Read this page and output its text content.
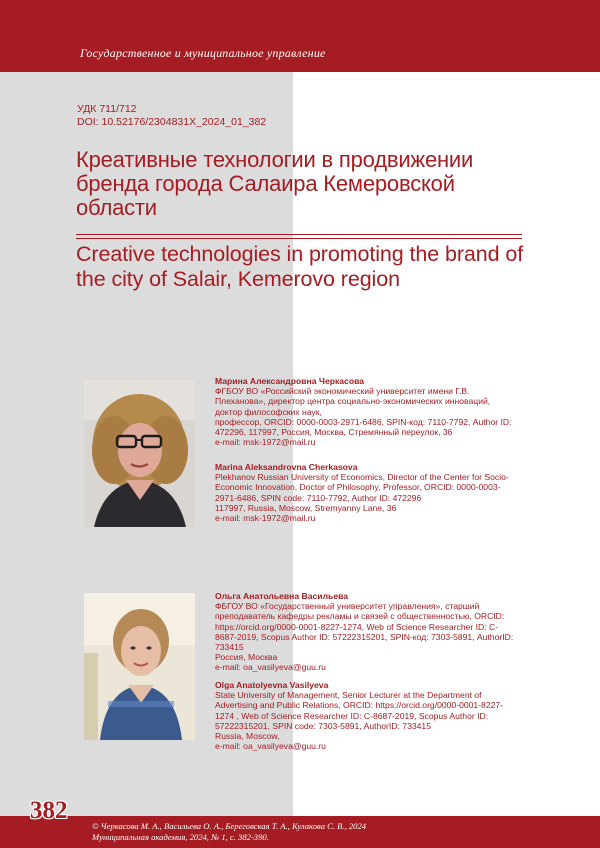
Государственное и муниципальное управление
УДК 711/712
DOI: 10.52176/2304831X_2024_01_382
Креативные технологии в продвижении бренда города Салаира Кемеровской области
Creative technologies in promoting the brand of the city of Salair, Kemerovo region
Марина Александровна Черкасова
ФГБОУ ВО «Российский экономический университет имени Г.В. Плеханова», директор центра социально-экономических инноваций, доктор философских наук,
профессор, ORCID: 0000-0003-2971-6486, SPIN-код: 7110-7792, Author ID: 472296, 117997, Россия, Москва, Стремянный переулок, 36
e-mail: msk-1972@mail.ru
Marina Aleksandrovna Cherkasova
Plekhanov Russian University of Economics, Director of the Center for Socio-Economic Innovation, Doctor of Philosophy, Professor, ORCID: 0000-0003-2971-6486, SPIN code: 7110-7792, Author ID: 472296
117997, Russia, Moscow, Stremyanny Lane, 36
e-mail: msk-1972@mail.ru
Ольга Анатольевна Васильева
ФБГОУ ВО «Государственный университет управления», старший преподаватель кафедры рекламы и связей с общественностью, ORCID: https://orcid.org/0000-0001-8227-1274, Web of Science Researcher ID: C-8687-2019, Scopus Author ID: 57222315201, SPIN-код: 7303-5891, AuthorID: 733415
Россия, Москва
e-mail: oa_vasilyeva@guu.ru
Olga Anatolyevna Vasilyeva
State University of Management, Senior Lecturer at the Department of Advertising and Public Relations, ORCID: https://orcid.org/0000-0001-8227-1274 , Web of Science Researcher ID: C-8687-2019, Scopus Author ID: 57222315201, SPIN code: 7303-5891, AuthorID: 733415
Russia, Moscow,
e-mail: oa_vasilyeva@guu.ru
382
© Черкасова М. А., Васильева О. А., Береговская Т. А., Кулакова С. В., 2024
Муниципальная академия, 2024, № 1, с. 382-390.
